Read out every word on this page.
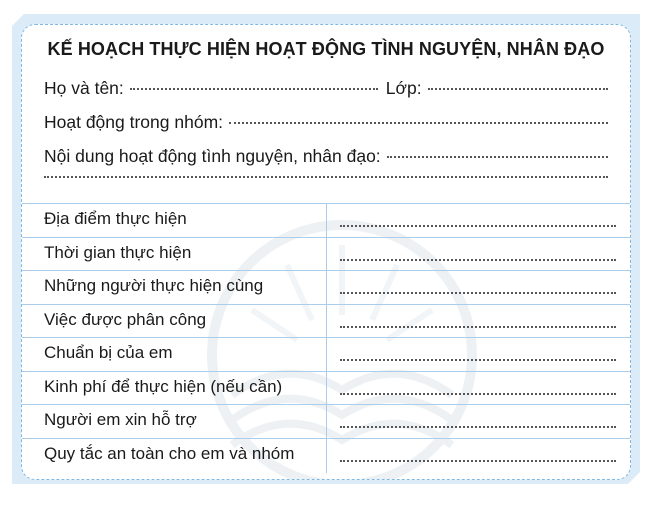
KẾ HOẠCH THỰC HIỆN HOẠT ĐỘNG TÌNH NGUYỆN, NHÂN ĐẠO
Họ và tên:	Lớp:
Hoạt động trong nhóm:
Nội dung hoạt động tình nguyện, nhân đạo:
Địa điểm thực hiện
Thời gian thực hiện
Những người thực hiện cùng
Việc được phân công
Chuẩn bị của em
Kinh phí để thực hiện (nếu cần)
Người em xin hỗ trợ
Quy tắc an toàn cho em và nhóm
